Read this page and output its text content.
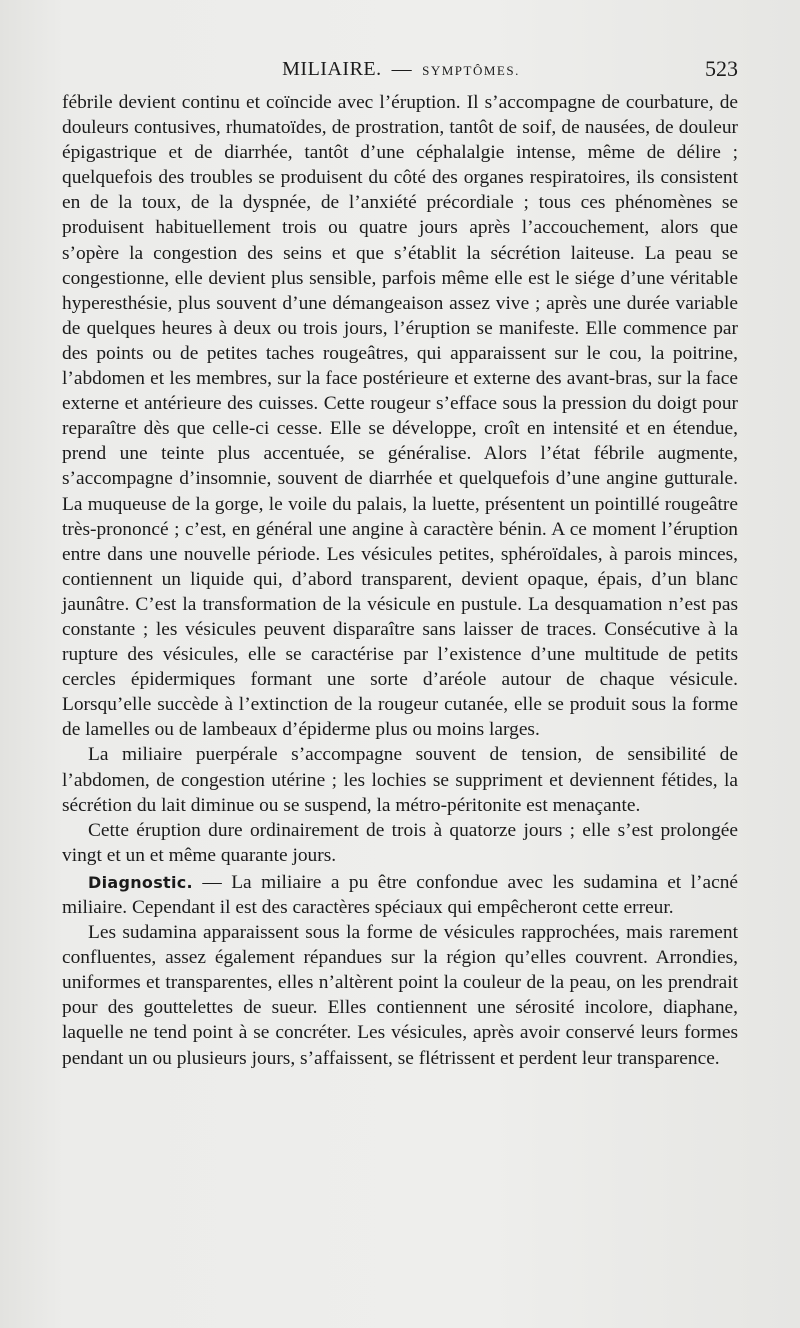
MILIAIRE. — SYMPTÔMES.	523

fébrile devient continu et coïncide avec l’éruption. Il s’accompagne de courbature, de douleurs contusives, rhumatoïdes, de prostration, tantôt de soif, de nausées, de douleur épigastrique et de diarrhée, tantôt d’une céphalalgie intense, même de délire ; quelquefois des troubles se produisent du côté des organes respiratoires, ils consistent en de la toux, de la dyspnée, de l’anxiété précordiale ; tous ces phénomènes se produisent habituellement trois ou quatre jours après l’accouchement, alors que s’opère la congestion des seins et que s’établit la sécrétion laiteuse. La peau se congestionne, elle devient plus sensible, parfois même elle est le siége d’une véritable hyperesthésie, plus souvent d’une démangeaison assez vive ; après une durée variable de quelques heures à deux ou trois jours, l’éruption se manifeste. Elle commence par des points ou de petites taches rougeâtres, qui apparaissent sur le cou, la poitrine, l’abdomen et les membres, sur la face postérieure et externe des avant-bras, sur la face externe et antérieure des cuisses. Cette rougeur s’efface sous la pression du doigt pour reparaître dès que celle-ci cesse. Elle se développe, croît en intensité et en étendue, prend une teinte plus accentuée, se généralise. Alors l’état fébrile augmente, s’accompagne d’insomnie, souvent de diarrhée et quelquefois d’une angine gutturale. La muqueuse de la gorge, le voile du palais, la luette, présentent un pointillé rougeâtre très-prononcé ; c’est, en général une angine à caractère bénin. A ce moment l’éruption entre dans une nouvelle période. Les vésicules petites, sphéroïdales, à parois minces, contiennent un liquide qui, d’abord transparent, devient opaque, épais, d’un blanc jaunâtre. C’est la transformation de la vésicule en pustule. La desquamation n’est pas constante ; les vésicules peuvent disparaître sans laisser de traces. Consécutive à la rupture des vésicules, elle se caractérise par l’existence d’une multitude de petits cercles épidermiques formant une sorte d’aréole autour de chaque vésicule. Lorsqu’elle succède à l’extinction de la rougeur cutanée, elle se produit sous la forme de lamelles ou de lambeaux d’épiderme plus ou moins larges.

La miliaire puerpérale s’accompagne souvent de tension, de sensibilité de l’abdomen, de congestion utérine ; les lochies se suppriment et deviennent fétides, la sécrétion du lait diminue ou se suspend, la métro-péritonite est menaçante.

Cette éruption dure ordinairement de trois à quatorze jours ; elle s’est prolongée vingt et un et même quarante jours.

Diagnostic. — La miliaire a pu être confondue avec les sudamina et l’acné miliaire. Cependant il est des caractères spéciaux qui empêcheront cette erreur.

Les sudamina apparaissent sous la forme de vésicules rapprochées, mais rarement confluentes, assez également répandues sur la région qu’elles couvrent. Arrondies, uniformes et transparentes, elles n’altèrent point la couleur de la peau, on les prendrait pour des gouttelettes de sueur. Elles contiennent une sérosité incolore, diaphane, laquelle ne tend point à se concréter. Les vésicules, après avoir conservé leurs formes pendant un ou plusieurs jours, s’affaissent, se flétrissent et perdent leur transparence.
